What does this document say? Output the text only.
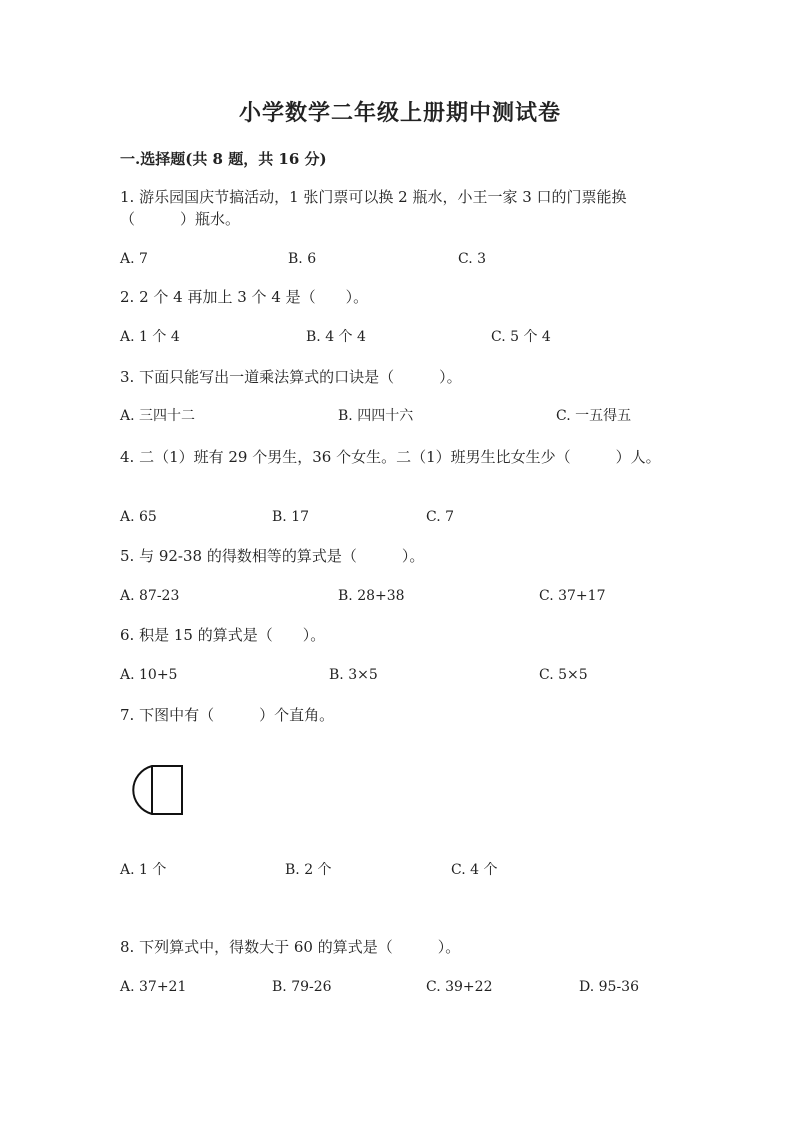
小学数学二年级上册期中测试卷
一.选择题(共 8 题，共 16 分)
1. 游乐园国庆节搞活动，1 张门票可以换 2 瓶水，小王一家 3 口的门票能换
（　　　）瓶水。
A. 7	B. 6	C. 3
2. 2 个 4 再加上 3 个 4 是（　　）。
A. 1 个 4	B. 4 个 4	C. 5 个 4
3. 下面只能写出一道乘法算式的口诀是（　　　）。
A. 三四十二	B. 四四十六	C. 一五得五
4. 二（1）班有 29 个男生，36 个女生。二（1）班男生比女生少（　　　）人。
A. 65	B. 17	C. 7
5. 与 92-38 的得数相等的算式是（　　　）。
A. 87-23	B. 28+38	C. 37+17
6. 积是 15 的算式是（　　）。
A. 10+5	B. 3×5	C. 5×5
7. 下图中有（　　　）个直角。
A. 1 个	B. 2 个	C. 4 个
8. 下列算式中，得数大于 60 的算式是（　　　）。
A. 37+21	B. 79-26	C. 39+22	D. 95-36
